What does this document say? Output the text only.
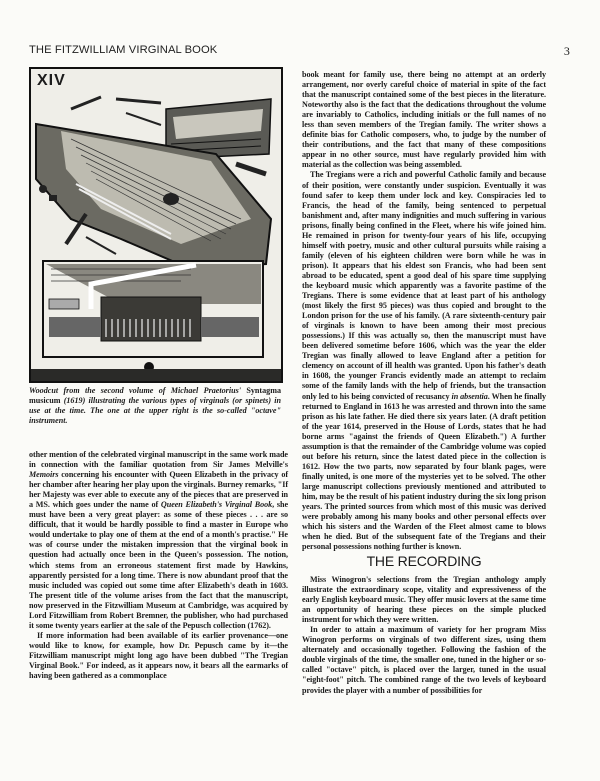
THE FITZWILLIAM VIRGINAL BOOK	3
XIV
Woodcut from the second volume of Michael Praetorius' Syntagma musicum (1619) illustrating the various types of virginals (or spinets) in use at the time. The one at the upper right is the so-called "octave" instrument.

other mention of the celebrated virginal manuscript in the same work made in connection with the familiar quotation from Sir James Melville's Memoirs concerning his encounter with Queen Elizabeth in the privacy of her chamber after hearing her play upon the virginals. Burney remarks, "If her Majesty was ever able to execute any of the pieces that are preserved in a MS. which goes under the name of Queen Elizabeth's Virginal Book, she must have been a very great player: as some of these pieces . . . are so difficult, that it would be hardly possible to find a master in Europe who would undertake to play one of them at the end of a month's practise." He was of course under the mistaken impression that the virginal book in question had actually once been in the Queen's possession. The notion, which stems from an erroneous statement first made by Hawkins, apparently persisted for a long time. There is now abundant proof that the music included was copied out some time after Elizabeth's death in 1603. The present title of the volume arises from the fact that the manuscript, now preserved in the Fitzwilliam Museum at Cambridge, was acquired by Lord Fitzwilliam from Robert Bremner, the publisher, who had purchased it some twenty years earlier at the sale of the Pepusch collection (1762).

If more information had been available of its earlier provenance—one would like to know, for example, how Dr. Pepusch came by it—the Fitzwilliam manuscript might long ago have been dubbed "The Tregian Virginal Book." For indeed, as it appears now, it bears all the earmarks of having been gathered as a commonplace

book meant for family use, there being no attempt at an orderly arrangement, nor overly careful choice of material in spite of the fact that the manuscript contained some of the best pieces in the literature. Noteworthy also is the fact that the dedications throughout the volume are invariably to Catholics, including initials or the full names of no less than seven members of the Tregian family. The writer shows a definite bias for Catholic composers, who, to judge by the number of their contributions, and the fact that many of these compositions appear in no other source, must have regularly provided him with material as the collection was being assembled.

The Tregians were a rich and powerful Catholic family and because of their position, were constantly under suspicion. Eventually it was found safer to keep them under lock and key. Conspiracies led to Francis, the head of the family, being sentenced to perpetual banishment and, after many indignities and much suffering in various prisons, finally being confined in the Fleet, where his wife joined him. He remained in prison for twenty-four years of his life, occupying himself with poetry, music and other cultural pursuits while raising a family (eleven of his eighteen children were born while he was in prison). It appears that his eldest son Francis, who had been sent abroad to be educated, spent a good deal of his spare time supplying the keyboard music which apparently was a favorite pastime of the Tregians. There is some evidence that at least part of his anthology (most likely the first 95 pieces) was thus copied and brought to the London prison for the use of his family. (A rare sixteenth-century pair of virginals is known to have been among their most precious possessions.) If this was actually so, then the manuscript must have been delivered sometime before 1606, which was the year the elder Tregian was finally allowed to leave England after a petition for clemency on account of ill health was granted. Upon his father's death in 1608, the younger Francis evidently made an attempt to reclaim some of the family lands with the help of friends, but the transaction only led to his being convicted of recusancy in absentia. When he finally returned to England in 1613 he was arrested and thrown into the same prison as his late father. He died there six years later. (A draft petition of the year 1614, preserved in the House of Lords, states that he had borne arms "against the friends of Queen Elizabeth.") A further assumption is that the remainder of the Cambridge volume was copied out before his return, since the latest dated piece in the collection is 1612. How the two parts, now separated by four blank pages, were finally united, is one more of the mysteries yet to be solved. The other large manuscript collections previously mentioned and attributed to him, may be the result of his patient industry during the six long prison years. The printed sources from which most of this music was derived were probably among his many books and other personal effects over which his sisters and the Warden of the Fleet almost came to blows when he died. But of the subsequent fate of the Tregians and their personal possessions nothing further is known.

THE RECORDING

Miss Winogron's selections from the Tregian anthology amply illustrate the extraordinary scope, vitality and expressiveness of the early English keyboard music. They offer music lovers at the same time an opportunity of hearing these pieces on the simple plucked instrument for which they were written.

In order to attain a maximum of variety for her program Miss Winogron performs on virginals of two different sizes, using them alternately and occasionally together. Following the fashion of the double virginals of the time, the smaller one, tuned in the higher or so-called "octave" pitch, is placed over the larger, tuned in the usual "eight-foot" pitch. The combined range of the two levels of keyboard provides the player with a number of possibilities for
